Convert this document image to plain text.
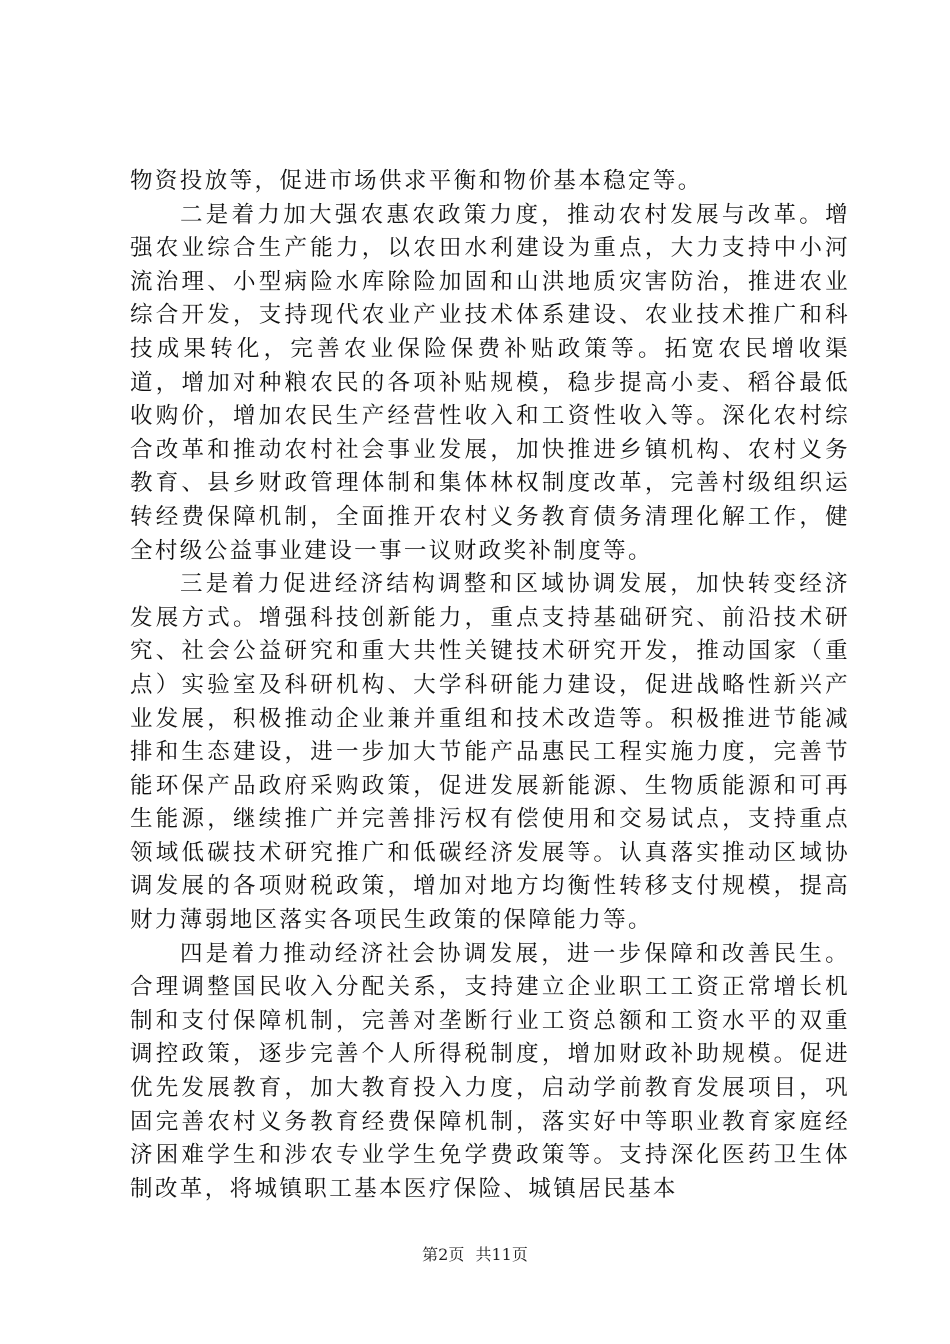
物资投放等，促进市场供求平衡和物价基本稳定等。

二是着力加大强农惠农政策力度，推动农村发展与改革。增强农业综合生产能力，以农田水利建设为重点，大力支持中小河流治理、小型病险水库除险加固和山洪地质灾害防治，推进农业综合开发，支持现代农业产业技术体系建设、农业技术推广和科技成果转化，完善农业保险保费补贴政策等。拓宽农民增收渠道，增加对种粮农民的各项补贴规模，稳步提高小麦、稻谷最低收购价，增加农民生产经营性收入和工资性收入等。深化农村综合改革和推动农村社会事业发展，加快推进乡镇机构、农村义务教育、县乡财政管理体制和集体林权制度改革，完善村级组织运转经费保障机制，全面推开农村义务教育债务清理化解工作，健全村级公益事业建设一事一议财政奖补制度等。

三是着力促进经济结构调整和区域协调发展，加快转变经济发展方式。增强科技创新能力，重点支持基础研究、前沿技术研究、社会公益研究和重大共性关键技术研究开发，推动国家（重点）实验室及科研机构、大学科研能力建设，促进战略性新兴产业发展，积极推动企业兼并重组和技术改造等。积极推进节能减排和生态建设，进一步加大节能产品惠民工程实施力度，完善节能环保产品政府采购政策，促进发展新能源、生物质能源和可再生能源，继续推广并完善排污权有偿使用和交易试点，支持重点领域低碳技术研究推广和低碳经济发展等。认真落实推动区域协调发展的各项财税政策，增加对地方均衡性转移支付规模，提高财力薄弱地区落实各项民生政策的保障能力等。

四是着力推动经济社会协调发展，进一步保障和改善民生。合理调整国民收入分配关系，支持建立企业职工工资正常增长机制和支付保障机制，完善对垄断行业工资总额和工资水平的双重调控政策，逐步完善个人所得税制度，增加财政补助规模。促进优先发展教育，加大教育投入力度，启动学前教育发展项目，巩固完善农村义务教育经费保障机制，落实好中等职业教育家庭经济困难学生和涉农专业学生免学费政策等。支持深化医药卫生体制改革，将城镇职工基本医疗保险、城镇居民基本

第2页 共11页
